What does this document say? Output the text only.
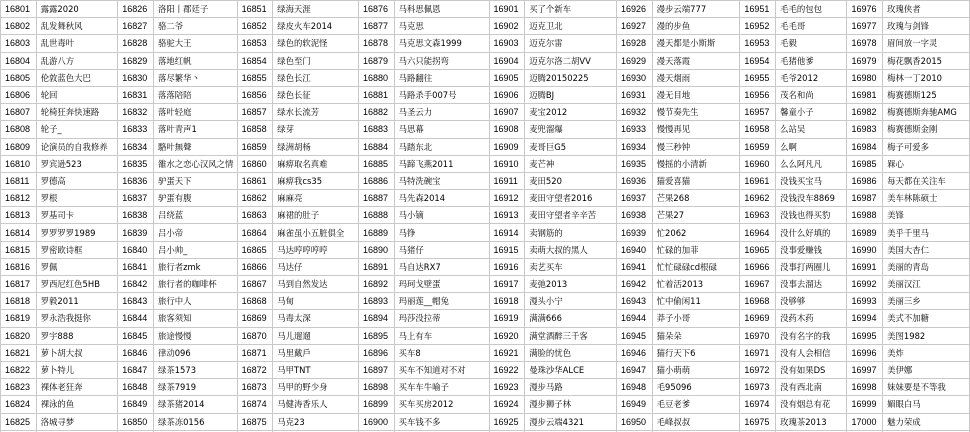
16801	露露2020	16826	洛阳丨郡廷子	16851	绿海天涯	16876	马科思佩恩	16901	买了个新车	16926	漫步云端777	16951	毛毛的包包	16976	玫瑰侠者
16802	乱发舞秋风	16827	骆二爷	16852	绿皮火车2014	16877	马克思	16902	迈克卫北	16927	漫的步鱼	16952	毛毛哥	16977	玫瑰与剑锋
16803	乱世毒叶	16828	骆驼大王	16853	绿色的软泥怪	16878	马克思文森1999	16903	迈克尔雷	16928	漫天都是小斯斯	16953	毛毅	16978	眉间放一字灵
16804	乱游八方	16829	落地红帆	16854	绿色至门	16879	马六只能拐弯	16904	迈克尔洛二胡VV	16929	漫天落霞	16954	毛猪他爹	16979	梅花飘香2015
16805	伦敦蓝色大巴	16830	落尽繁华丶	16855	绿色长江	16880	马路翻往	16905	迈腾20150225	16930	漫天烟雨	16955	毛爷2012	16980	梅林一丁2010
16806	轮回	16831	落落陪陪	16856	绿色长征	16881	马路杀手007号	16906	迈腾BJ	16931	漫无目地	16956	茂名和尚	16981	梅赛德斯125
16807	轮椅狂奔快速路	16832	落叶轻庭	16857	绿水长流芳	16882	马圣云力	16907	麦宝2012	16932	慢节奏先生	16957	馨童小子	16982	梅赛德斯奔驰AMG
16808	轮子_	16833	落叶青声1	16858	绿芽	16883	马思幕	16908	麦兜溜爆	16933	慢慢再见	16958	么站吴	16983	梅赛德斯金刚
16809	论演员的自我修养	16834	駱叶無聲	16859	绿洲胡杨	16884	马踏东北	16909	麦哥巨G5	16934	慢三秒钟	16959	么啊	16984	梅子可爱多
16810	罗宾逊523	16835	雒水之恋心汉风之情	16860	麻痹取名真难	16885	马蹄飞燕2011	16910	麦芒神	16935	慢摇的小清新	16960	么么阿凡凡	16985	槑心
16811	罗德高	16836	驴蛋天下	16861	麻痹我cs35	16886	马特洗碗宝	16911	麦田520	16936	猫爱喜猫	16961	没钱买宝马	16986	每天都在关注车
16812	罗根	16837	驴蛋有腹	16862	麻麻亮	16887	马先森2014	16912	麦田守望者2016	16937	芒果268	16962	没钱没车8869	16987	美车林陈硕士
16813	罗基司卡	16838	吕绕蓝	16863	麻裙的肚子	16888	马小镝	16913	麦田守望者辛辛苦	16938	芒果27	16963	没钱也得买豹	16988	美锋
16814	罗罗罗罗1989	16839	吕小帝	16864	麻雀虽小五脏俱全	16889	马铮	16914	卖钢筋的	16939	忙2062	16964	没什么好填的	16989	美乎千里马
16815	罗密欧诗框	16840	吕小帅_	16865	马达哼哼哼哼	16890	马猪仔	16915	卖萌大叔的黑人	16940	忙碌的加菲	16965	没事爱赚钱	16990	美国大杏仁
16816	罗佩	16841	旅行者zmk	16866	马达仔	16891	马自达RX7	16916	卖艺买车	16941	忙忙碌碌cd根碌	16966	没事打两圈儿	16991	美丽的青岛
16817	罗西尼红色5HB	16842	旅行者的咖啡杯	16867	马到自然发达	16892	玛珂戈壁蛋	16917	麦弛2013	16942	忙着活2013	16967	没事去溜达	16992	美丽汉江
16818	罗毅2011	16843	旅行中人	16868	马甸	16893	玛丽莲__帽兔	16918	漫头小宁	16943	忙中偷闲11	16968	没够够	16993	美丽三乡
16819	罗永浩我挺你	16844	旅客须知	16869	马毒太深	16894	玛莎没拉蒂	16919	满满666	16944	莽子小哥	16969	没药木药	16994	美式不加糖
16820	罗宇888	16845	旅途慢慢	16870	马儿遛遛	16895	马上有车	16920	满堂酒醉三千客	16945	猫朵朵	16970	没有名字的我	16995	美图1982
16821	萝卜胡大叔	16846	律动096	16871	马里戴戶	16896	买车8	16921	满脸的忧色	16946	猫行天下6	16971	没有人会相信	16996	美炸
16822	萝卜特儿	16847	绿茶1573	16872	马甲TNT	16897	买车不知道对不对	16922	曼珠沙华ALCE	16947	猫小萌萌	16972	没有如果DS	16997	美伊娜
16823	裸体老狂奔	16848	绿茶7919	16873	马甲的野少身	16898	买车车牛喻子	16923	漫步马路	16948	毛95096	16973	没有西北南	16998	妹妹要是不等我
16824	裸泳的鱼	16849	绿茶猪2014	16874	马健涛香乐人	16899	买车买房2012	16924	漫步狮子林	16949	毛豆老爹	16974	没有烟总有花	16999	媚眼白马
16825	洛城寻梦	16850	绿茶冻0156	16875	马克23	16900	买车钱不多	16925	漫步云端4321	16950	毛峰叔叔	16975	玫瑰茶2013	17000	魅力荣成
